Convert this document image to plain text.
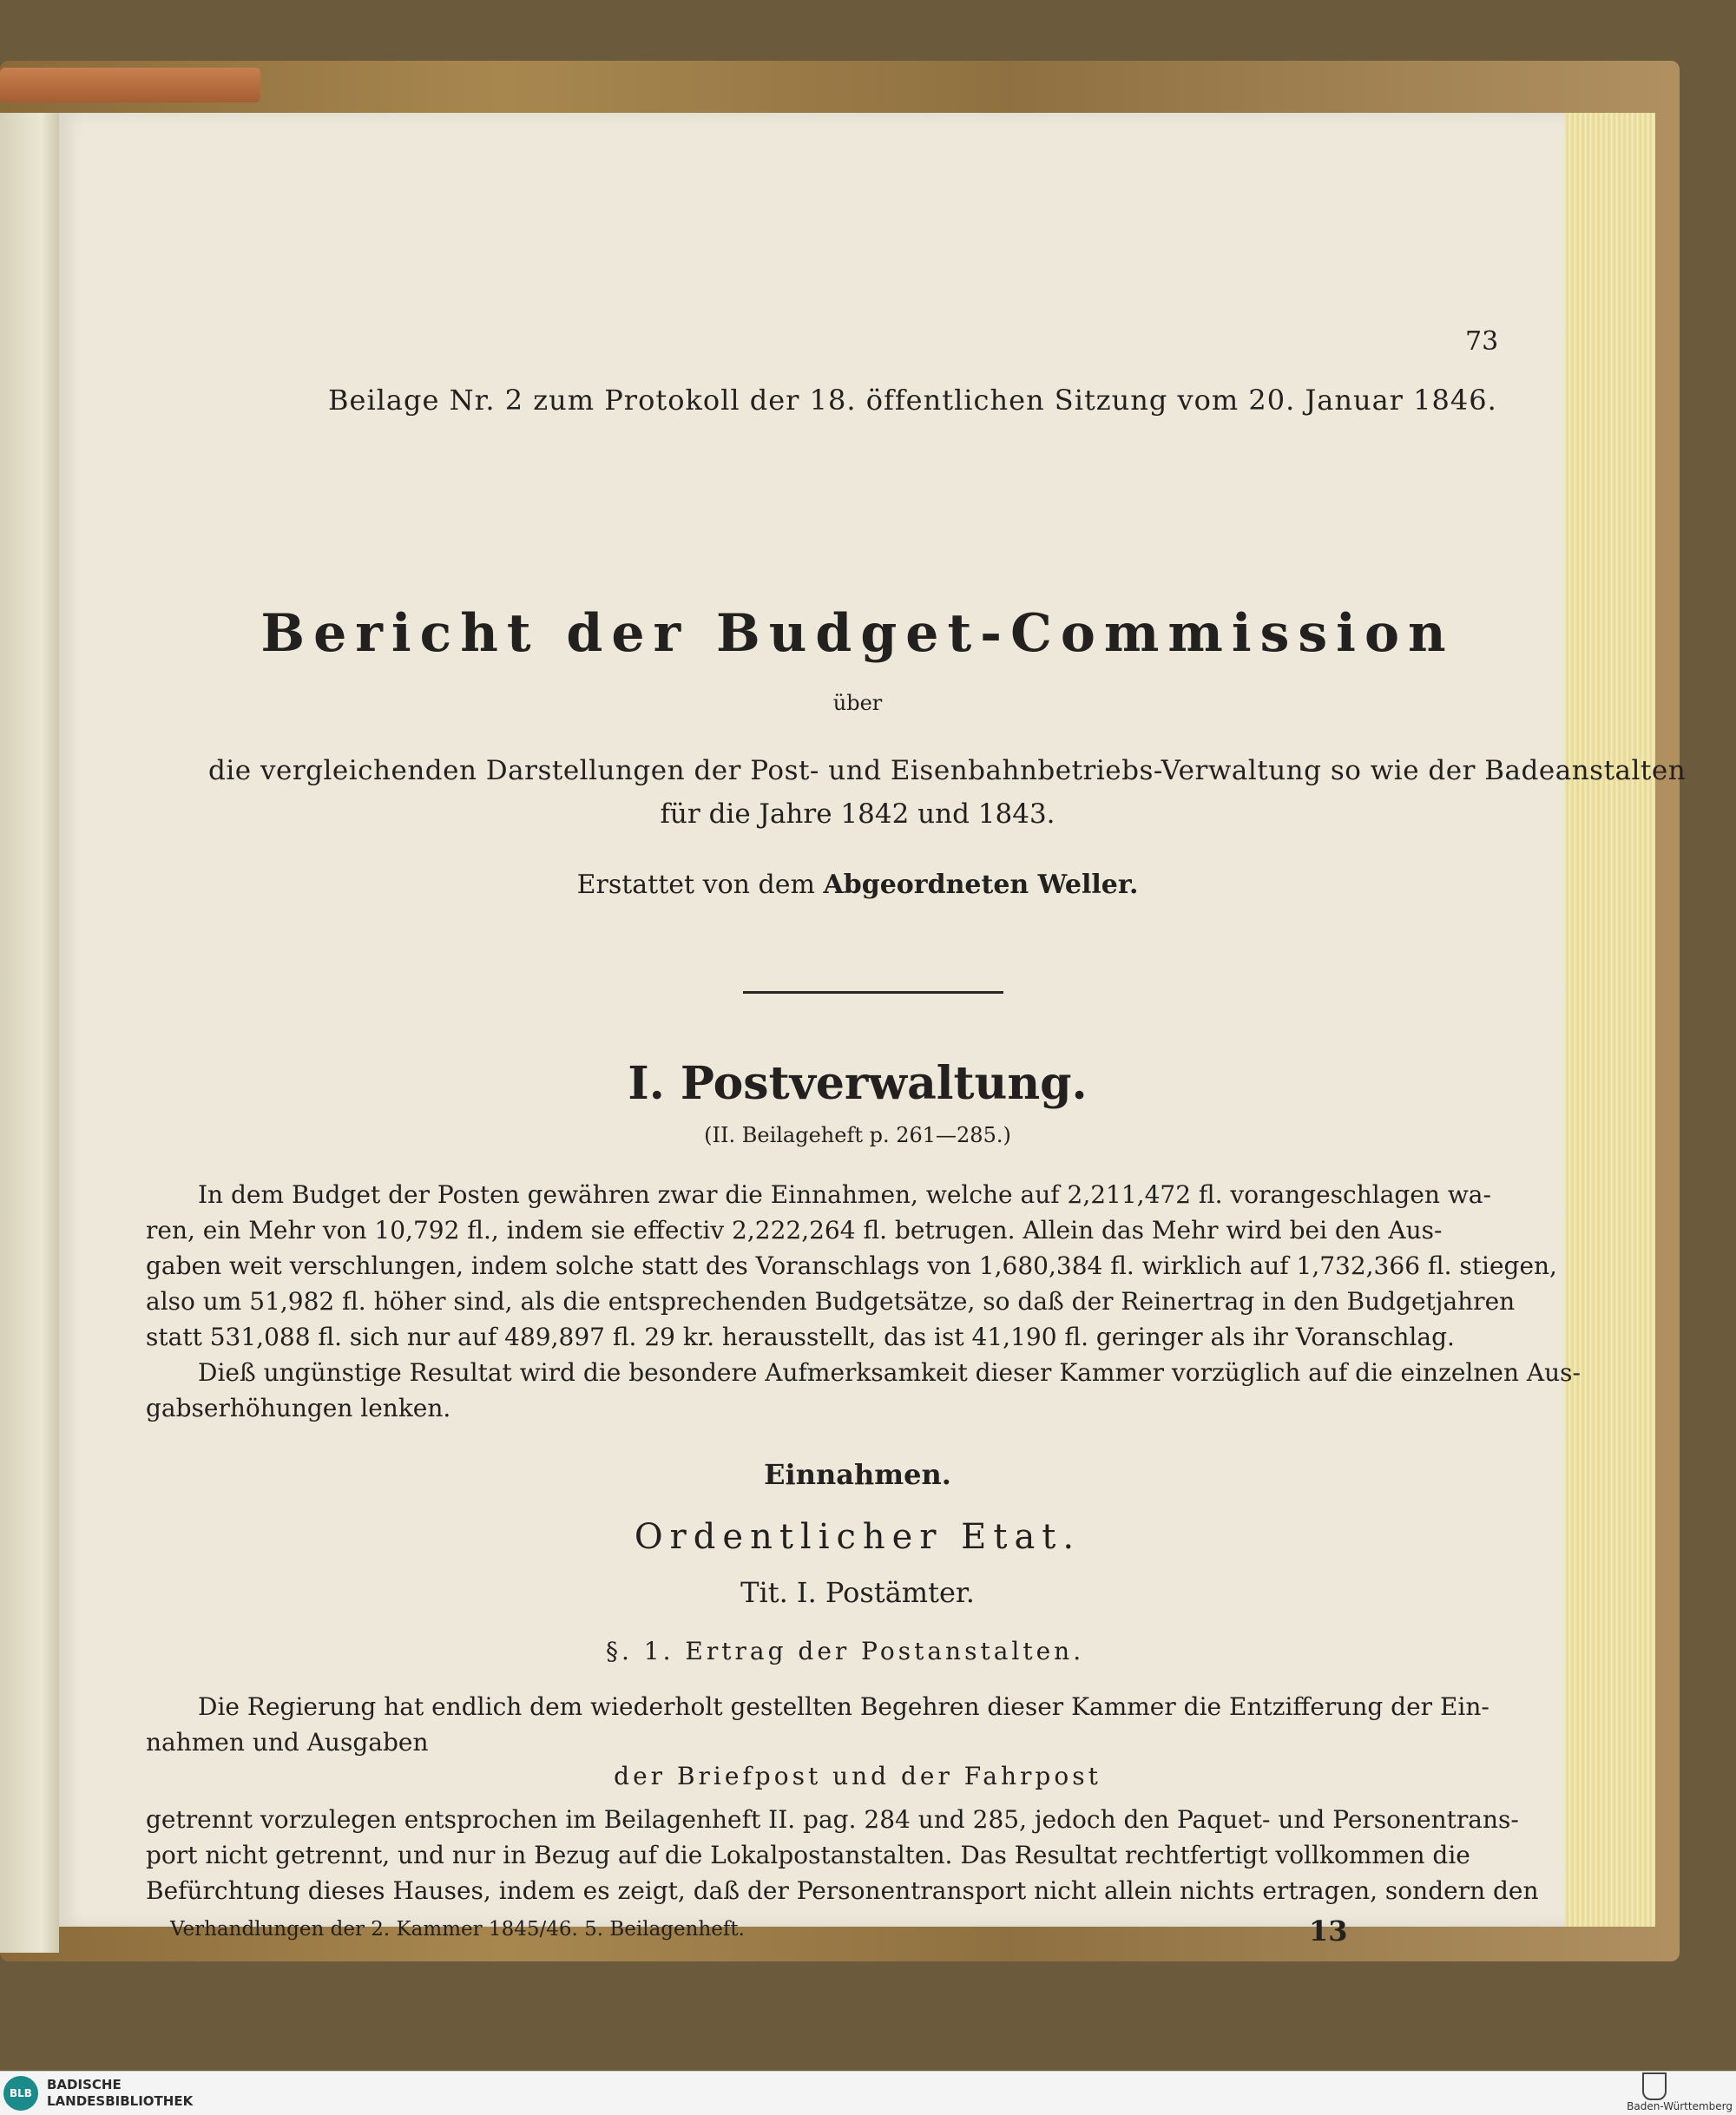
73
Beilage Nr. 2 zum Protokoll der 18. öffentlichen Sitzung vom 20. Januar 1846.
Bericht der Budget-Commission
über
die vergleichenden Darstellungen der Post- und Eisenbahnbetriebs-Verwaltung so wie der Badeanstalten
für die Jahre 1842 und 1843.
Erstattet von dem Abgeordneten Weller.
I. Postverwaltung.
(II. Beilageheft p. 261—285.)
In dem Budget der Posten gewähren zwar die Einnahmen, welche auf 2,211,472 fl. vorangeschlagen wa-
ren, ein Mehr von 10,792 fl., indem sie effectiv 2,222,264 fl. betrugen. Allein das Mehr wird bei den Aus-
gaben weit verschlungen, indem solche statt des Voranschlags von 1,680,384 fl. wirklich auf 1,732,366 fl. stiegen,
also um 51,982 fl. höher sind, als die entsprechenden Budgetsätze, so daß der Reinertrag in den Budgetjahren
statt 531,088 fl. sich nur auf 489,897 fl. 29 kr. herausstellt, das ist 41,190 fl. geringer als ihr Voranschlag.
Dieß ungünstige Resultat wird die besondere Aufmerksamkeit dieser Kammer vorzüglich auf die einzelnen Aus-
gabserhöhungen lenken.
Einnahmen.
Ordentlicher Etat.
Tit. I. Postämter.
§. 1. Ertrag der Postanstalten.
Die Regierung hat endlich dem wiederholt gestellten Begehren dieser Kammer die Entzifferung der Ein-
nahmen und Ausgaben
der Briefpost und der Fahrpost
getrennt vorzulegen entsprochen im Beilagenheft II. pag. 284 und 285, jedoch den Paquet- und Personentrans-
port nicht getrennt, und nur in Bezug auf die Lokalpostanstalten. Das Resultat rechtfertigt vollkommen die
Befürchtung dieses Hauses, indem es zeigt, daß der Personentransport nicht allein nichts ertragen, sondern den
Verhandlungen der 2. Kammer 1845/46. 5. Beilagenheft.	13
BLB
BADISCHE
LANDESBIBLIOTHEK	Baden-Württemberg
